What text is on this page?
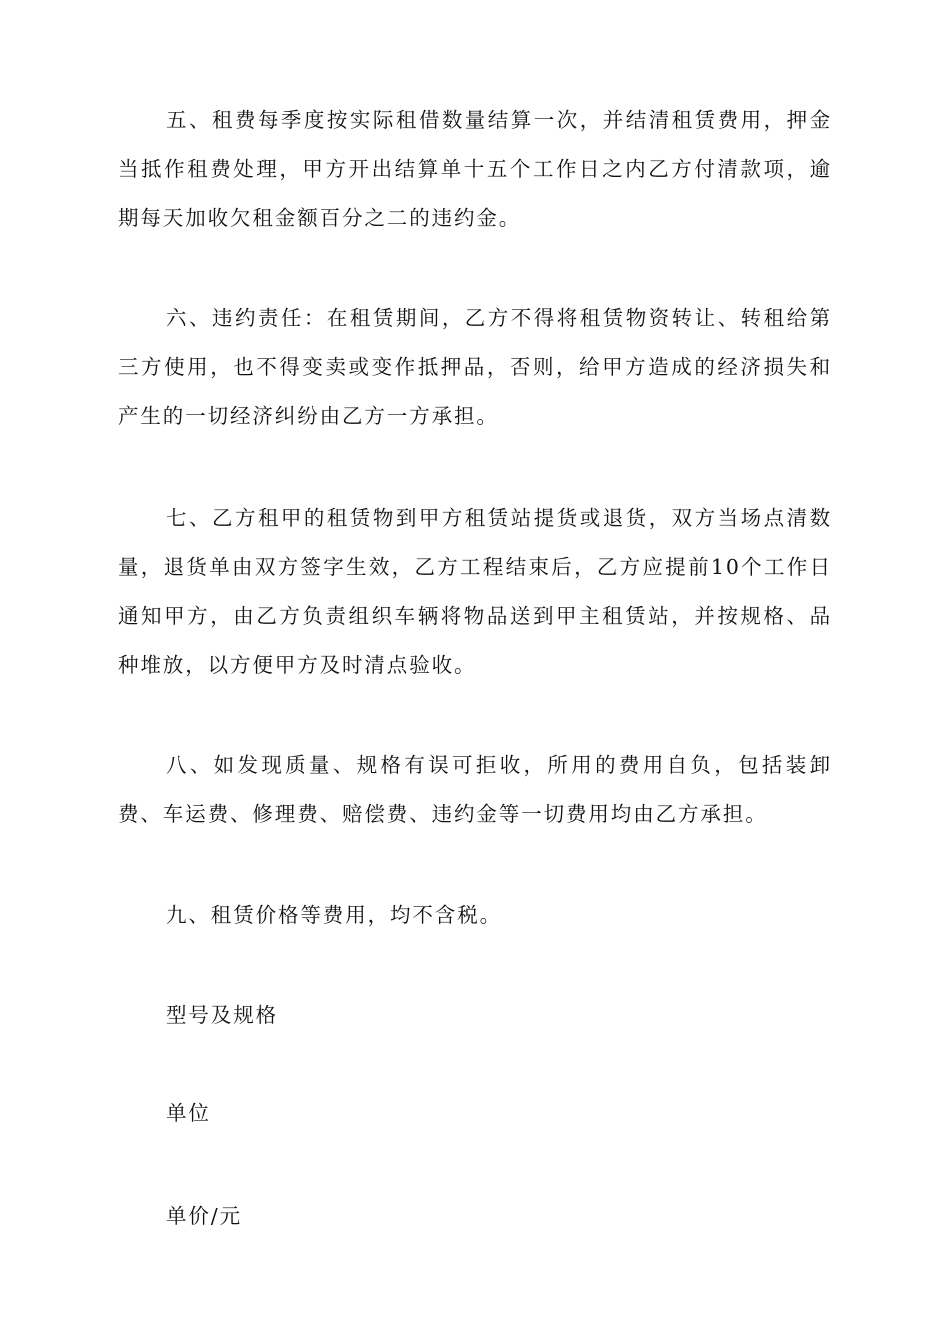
五、租费每季度按实际租借数量结算一次，并结清租赁费用，押金当抵作租费处理，甲方开出结算单十五个工作日之内乙方付清款项，逾期每天加收欠租金额百分之二的违约金。

六、违约责任：在租赁期间，乙方不得将租赁物资转让、转租给第三方使用，也不得变卖或变作抵押品，否则，给甲方造成的经济损失和产生的一切经济纠纷由乙方一方承担。

七、乙方租甲的租赁物到甲方租赁站提货或退货，双方当场点清数量，退货单由双方签字生效，乙方工程结束后，乙方应提前10个工作日通知甲方，由乙方负责组织车辆将物品送到甲主租赁站，并按规格、品种堆放，以方便甲方及时清点验收。

八、如发现质量、规格有误可拒收，所用的费用自负，包括装卸费、车运费、修理费、赔偿费、违约金等一切费用均由乙方承担。

九、租赁价格等费用，均不含税。

型号及规格

单位

单价/元
